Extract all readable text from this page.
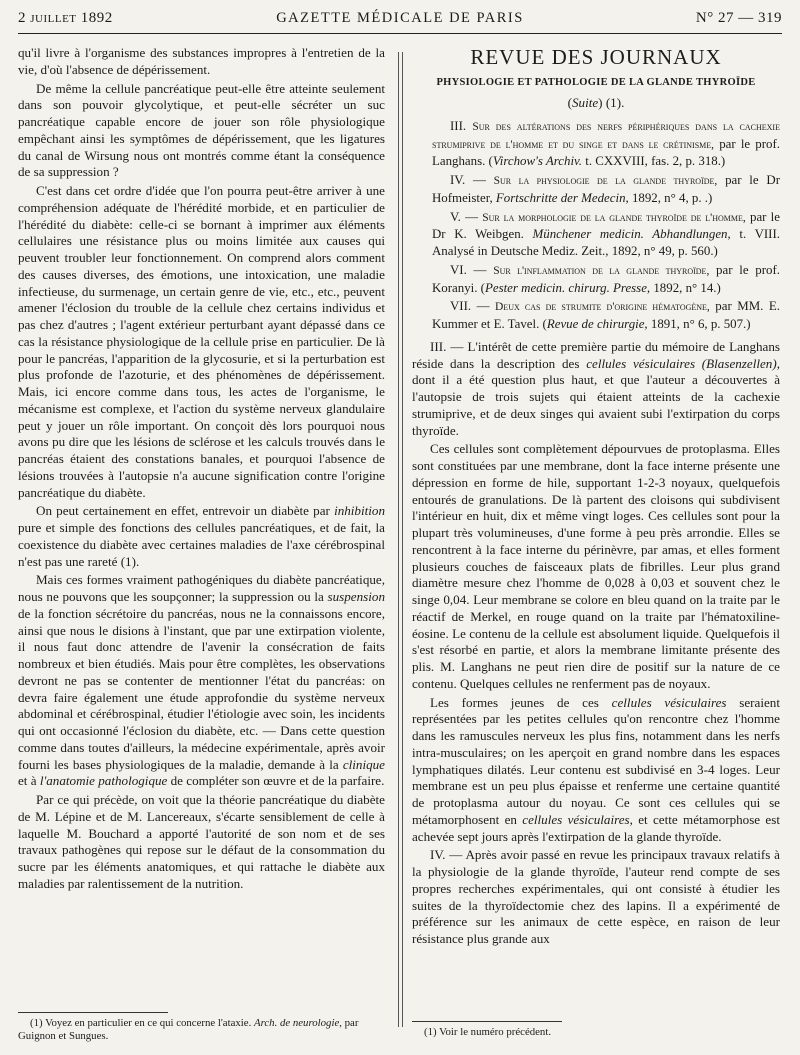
2 juillet 1892	GAZETTE MÉDICALE DE PARIS	N° 27 — 319

qu'il livre à l'organisme des substances impropres à l'entretien de la vie, d'où l'absence de dépérissement.

De même la cellule pancréatique peut-elle être atteinte seulement dans son pouvoir glycolytique, et peut-elle sécréter un suc pancréatique capable encore de jouer son rôle physiologique empêchant ainsi les symptômes de dépérissement, que les ligatures du canal de Wirsung nous ont montrés comme étant la conséquence de sa suppression ?

C'est dans cet ordre d'idée que l'on pourra peut-être arriver à une compréhension adéquate de l'hérédité morbide, et en particulier de l'hérédité du diabète: celle-ci se bornant à imprimer aux éléments cellulaires une résistance plus ou moins limitée aux causes qui peuvent troubler leur fonctionnement. On comprend alors comment des causes diverses, des émotions, une intoxication, une maladie infectieuse, du surmenage, un certain genre de vie, etc., etc., peuvent amener l'éclosion du trouble de la cellule chez certains individus et pas chez d'autres ; l'agent extérieur perturbant ayant dépassé dans ce cas la résistance physiologique de la cellule prise en particulier. De là pour le pancréas, l'apparition de la glycosurie, et si la perturbation est plus profonde de l'azoturie, et des phénomènes de dépérissement. Mais, ici encore comme dans tous, les actes de l'organisme, le mécanisme est complexe, et l'action du système nerveux glandulaire peut y jouer un rôle important. On conçoit dès lors pourquoi nous avons pu dire que les lésions de sclérose et les calculs trouvés dans le pancréas étaient des constations banales, et pourquoi l'absence de lésions trouvées à l'autopsie n'a aucune signification contre l'origine pancréatique du diabète.

On peut certainement en effet, entrevoir un diabète par inhibition pure et simple des fonctions des cellules pancréatiques, et de fait, la coexistence du diabète avec certaines maladies de l'axe cérébrospinal n'est pas une rareté (1).

Mais ces formes vraiment pathogéniques du diabète pancréatique, nous ne pouvons que les soupçonner; la suppression ou la suspension de la fonction sécrétoire du pancréas, nous ne la connaissons encore, ainsi que nous le disions à l'instant, que par une extirpation violente, il nous faut donc attendre de l'avenir la consécration de faits nombreux et bien étudiés. Mais pour être complètes, les observations devront ne pas se contenter de mentionner l'état du pancréas: on devra faire également une étude approfondie du système nerveux abdominal et cérébrospinal, étudier l'étiologie avec soin, les incidents qui ont occasionné l'éclosion du diabète, etc. — Dans cette question comme dans toutes d'ailleurs, la médecine expérimentale, après avoir fourni les bases physiologiques de la maladie, demande à la clinique et à l'anatomie pathologique de compléter son œuvre et de la parfaire.

Par ce qui précède, on voit que la théorie pancréatique du diabète de M. Lépine et de M. Lancereaux, s'écarte sensiblement de celle à laquelle M. Bouchard a apporté l'autorité de son nom et de ses travaux pathogènes qui repose sur le défaut de la consommation du sucre par les éléments anatomiques, et qui rattache le diabète aux maladies par ralentissement de la nutrition.

(1) Voyez en particulier en ce qui concerne l'ataxie. Arch. de neurologie, par Guignon et Sungues.

REVUE DES JOURNAUX
PHYSIOLOGIE ET PATHOLOGIE DE LA GLANDE THYROÏDE
(Suite) (1).

III. Sur des altérations des nerfs périphériques dans la cachexie strumiprive de l'homme et du singe et dans le crétinisme, par le prof. Langhans. (Virchow's Archiv. t. CXXVIII, fas. 2, p. 318.)

IV. — Sur la physiologie de la glande thyroïde, par le Dr Hofmeister, Fortschritte der Medecin, 1892, n° 4, p. .)

V. — Sur la morphologie de la glande thyroïde de l'homme, par le Dr K. Weibgen. Münchener medicin. Abhandlungen, t. VIII. Analysé in Deutsche Mediz. Zeit., 1892, n° 49, p. 560.)

VI. — Sur l'inflammation de la glande thyroïde, par le prof. Koranyi. (Pester medicin. chirurg. Presse, 1892, n° 14.)

VII. — Deux cas de strumite d'origine hématogène, par MM. E. Kummer et E. Tavel. (Revue de chirurgie, 1891, n° 6, p. 507.)

III. — L'intérêt de cette première partie du mémoire de Langhans réside dans la description des cellules vésiculaires (Blasenzellen), dont il a été question plus haut, et que l'auteur a découvertes à l'autopsie de trois sujets qui étaient atteints de la cachexie strumiprive, et de deux singes qui avaient subi l'extirpation du corps thyroïde.

Ces cellules sont complètement dépourvues de protoplasma. Elles sont constituées par une membrane, dont la face interne présente une dépression en forme de hile, supportant 1-2-3 noyaux, quelquefois entourés de granulations. De là partent des cloisons qui subdivisent l'intérieur en huit, dix et même vingt loges. Ces cellules sont pour la plupart très volumineuses, d'une forme à peu près arrondie. Elles se rencontrent à la face interne du périnèvre, par amas, et elles forment plusieurs couches de faisceaux plats de fibrilles. Leur plus grand diamètre mesure chez l'homme de 0,028 à 0,03 et souvent chez le singe 0,04. Leur membrane se colore en bleu quand on la traite par le réactif de Merkel, en rouge quand on la traite par l'hématoxiline-éosine. Le contenu de la cellule est absolument liquide. Quelquefois il s'est résorbé en partie, et alors la membrane limitante présente des plis. M. Langhans ne peut rien dire de positif sur la nature de ce contenu. Quelques cellules ne renferment pas de noyaux.

Les formes jeunes de ces cellules vésiculaires seraient représentées par les petites cellules qu'on rencontre chez l'homme dans les ramuscules nerveux les plus fins, notamment dans les nerfs intra-musculaires; on les aperçoit en grand nombre dans les espaces lymphatiques dilatés. Leur contenu est subdivisé en 3-4 loges. Leur membrane est un peu plus épaisse et renferme une certaine quantité de protoplasma autour du noyau. Ce sont ces cellules qui se métamorphosent en cellules vésiculaires, et cette métamorphose est achevée sept jours après l'extirpation de la glande thyroïde.

IV. — Après avoir passé en revue les principaux travaux relatifs à la physiologie de la glande thyroïde, l'auteur rend compte de ses propres recherches expérimentales, qui ont consisté à étudier les suites de la thyroïdectomie chez des lapins. Il a expérimenté de préférence sur les animaux de cette espèce, en raison de leur résistance plus grande aux

(1) Voir le numéro précédent.
